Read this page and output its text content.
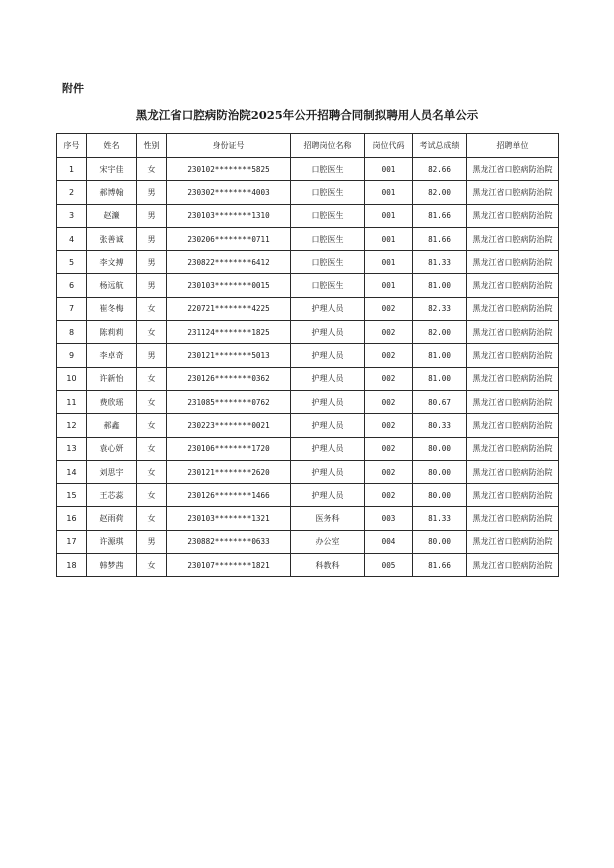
附件
黑龙江省口腔病防治院2025年公开招聘合同制拟聘用人员名单公示
序号	姓名	性别	身份证号	招聘岗位名称	岗位代码	考试总成绩	招聘单位
1	宋宇佳	女	230102********5825	口腔医生	001	82.66	黑龙江省口腔病防治院
2	郝博翰	男	230302********4003	口腔医生	001	82.00	黑龙江省口腔病防治院
3	赵濂	男	230103********1310	口腔医生	001	81.66	黑龙江省口腔病防治院
4	张善诚	男	230206********0711	口腔医生	001	81.66	黑龙江省口腔病防治院
5	李文搏	男	230822********6412	口腔医生	001	81.33	黑龙江省口腔病防治院
6	杨远航	男	230103********0015	口腔医生	001	81.00	黑龙江省口腔病防治院
7	崔冬梅	女	220721********4225	护理人员	002	82.33	黑龙江省口腔病防治院
8	陈莉莉	女	231124********1825	护理人员	002	82.00	黑龙江省口腔病防治院
9	李卓奇	男	230121********5013	护理人员	002	81.00	黑龙江省口腔病防治院
10	许新怡	女	230126********0362	护理人员	002	81.00	黑龙江省口腔病防治院
11	费欣瑶	女	231085********0762	护理人员	002	80.67	黑龙江省口腔病防治院
12	郝鑫	女	230223********0021	护理人员	002	80.33	黑龙江省口腔病防治院
13	袁心妍	女	230106********1720	护理人员	002	80.00	黑龙江省口腔病防治院
14	刘思宇	女	230121********2620	护理人员	002	80.00	黑龙江省口腔病防治院
15	王芯蕊	女	230126********1466	护理人员	002	80.00	黑龙江省口腔病防治院
16	赵雨荷	女	230103********1321	医务科	003	81.33	黑龙江省口腔病防治院
17	许源琪	男	230882********0633	办公室	004	80.00	黑龙江省口腔病防治院
18	韩梦茜	女	230107********1821	科教科	005	81.66	黑龙江省口腔病防治院
